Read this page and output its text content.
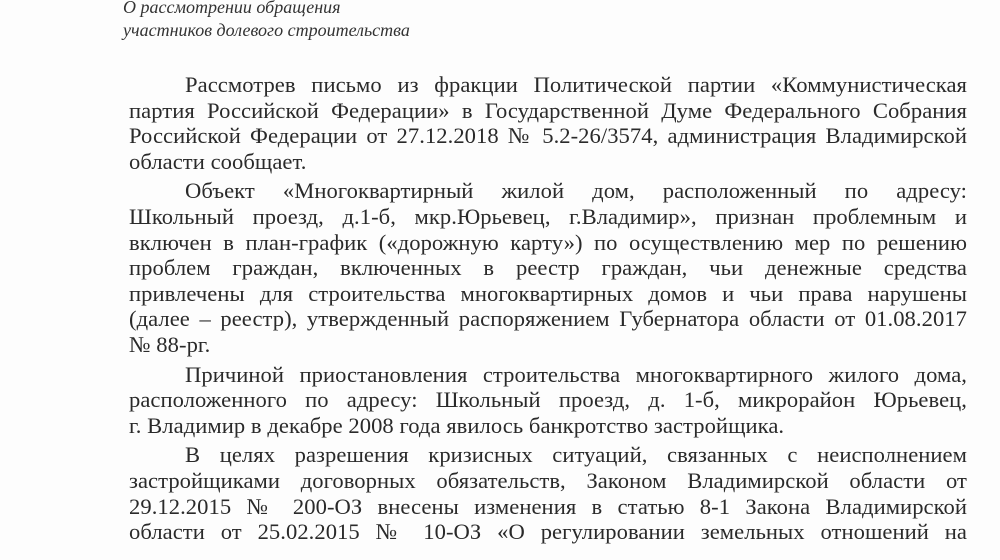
О рассмотрении обращения
участников долевого строительства
Рассмотрев письмо из фракции Политической партии «Коммунистическая
партия Российской Федерации» в Государственной Думе Федерального Собрания
Российской Федерации от 27.12.2018 № 5.2-26/3574, администрация Владимирской
области сообщает.
Объект «Многоквартирный жилой дом, расположенный по адресу:
Школьный проезд, д.1-б, мкр.Юрьевец, г.Владимир», признан проблемным и
включен в план-график («дорожную карту») по осуществлению мер по решению
проблем граждан, включенных в реестр граждан, чьи денежные средства
привлечены для строительства многоквартирных домов и чьи права нарушены
(далее – реестр), утвержденный распоряжением Губернатора области от 01.08.2017
№ 88-рг.
Причиной приостановления строительства многоквартирного жилого дома,
расположенного по адресу: Школьный проезд, д. 1-б, микрорайон Юрьевец,
г. Владимир в декабре 2008 года явилось банкротство застройщика.
В целях разрешения кризисных ситуаций, связанных с неисполнением
застройщиками договорных обязательств, Законом Владимирской области от
29.12.2015 № 200-ОЗ внесены изменения в статью 8-1 Закона Владимирской
области от 25.02.2015 № 10-ОЗ «О регулировании земельных отношений на
